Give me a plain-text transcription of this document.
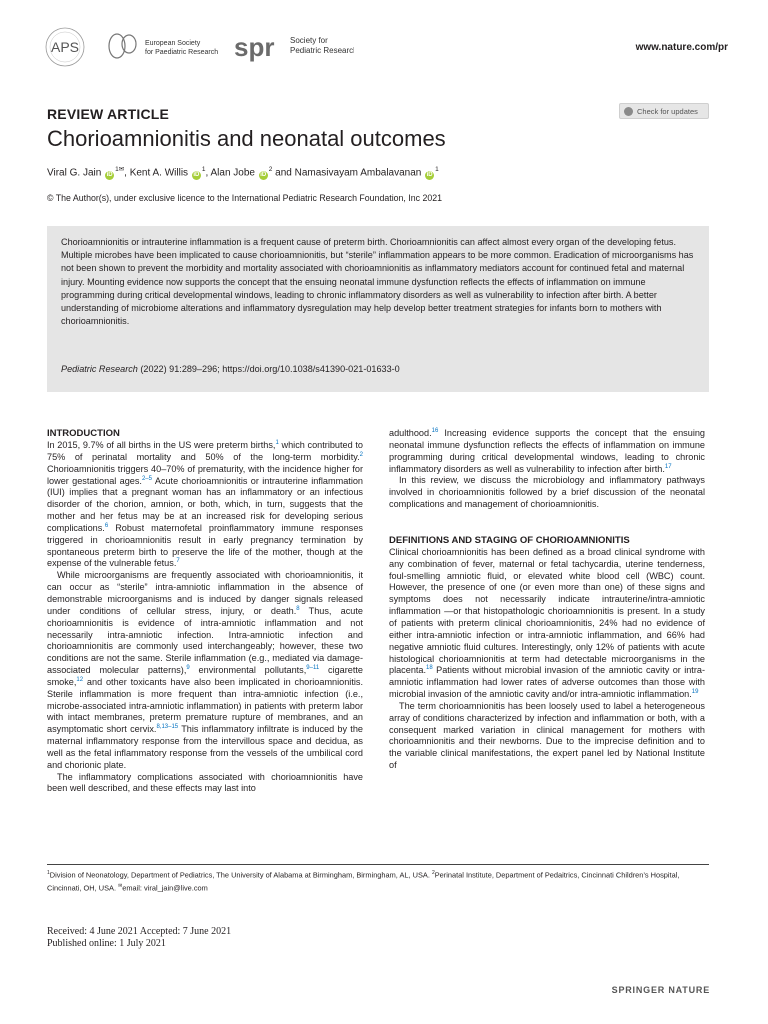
APS	European Society
for Paediatric Research spr Society for
Pediatric Research	www.nature.com/pr
REVIEW ARTICLE	Check for updates
Chorioamnionitis and neonatal outcomes
Viral G. Jain $iD^{1✉}$, Kent A. Willis $iD^1$, Alan Jobe $iD^2$ and Namasivayam Ambalavanan $iD^1$
© The Author(s), under exclusive licence to the International Pediatric Research Foundation, Inc 2021

Chorioamnionitis or intrauterine inflammation is a frequent cause of preterm birth. Chorioamnionitis can affect almost every organ of the developing fetus. Multiple microbes have been implicated to cause chorioamnionitis, but “sterile” inflammation appears to be more common. Eradication of microorganisms has not been shown to prevent the morbidity and mortality associated with chorioamnionitis as inflammatory mediators account for continued fetal and maternal injury. Mounting evidence now supports the concept that the ensuing neonatal immune dysfunction reflects the effects of inflammation on immune programming during critical developmental windows, leading to chronic inflammatory disorders as well as vulnerability to infection after birth. A better understanding of microbiome alterations and inflammatory dysregulation may help develop better treatment strategies for infants born to mothers with chorioamnionitis.

Pediatric Research (2022) 91:289–296; https://doi.org/10.1038/s41390-021-01633-0
INTRODUCTION

In 2015, 9.7% of all births in the US were preterm births,$^1$ which contributed to 75% of perinatal mortality and 50% of the long-term morbidity.$^2$ Chorioamnionitis triggers 40–70% of prematurity, with the incidence higher for lower gestational ages.$^{2-5}$ Acute chorioamnionitis or intrauterine inflammation (IUI) implies that a pregnant woman has an inflammatory or an infectious disorder of the chorion, amnion, or both, which, in turn, suggests that the mother and her fetus may be at an increased risk for developing serious complications.$^6$ Robust maternofetal proinflammatory immune responses triggered in chorioamnionitis result in early pregnancy termination by spontaneous preterm birth to preserve the life of the mother, though at the expense of the vulnerable fetus.$^7$

While microorganisms are frequently associated with chorioamnionitis, it can occur as “sterile” intra-amniotic inflammation in the absence of demonstrable microorganisms and is induced by danger signals released under conditions of cellular stress, injury, or death.$^8$ Thus, acute chorioamnionitis is evidence of intra-amniotic inflammation and not necessarily intra-amniotic infection. Intra-amniotic infection and chorioamnionitis are commonly used interchangeably; however, these two conditions are not the same. Sterile inflammation (e.g., mediated via damage-associated molecular patterns),$^9$ environmental pollutants,$^{9-11}$ cigarette smoke,$^{12}$ and other toxicants have also been implicated in chorioamnionitis. Sterile inflammation is more frequent than intra-amniotic infection (i.e., microbe-associated intra-amniotic inflammation) in patients with preterm labor with intact membranes, preterm premature rupture of membranes, and an asymptomatic short cervix.$^{8,13-15}$ This inflammatory infiltrate is induced by the maternal inflammatory response from the intervillous space and decidua, as well as the fetal inflammatory response from the vessels of the umbilical cord and chorionic plate.

The inflammatory complications associated with chorioamnionitis have been well described, and these effects may last into

adulthood.$^{16}$ Increasing evidence supports the concept that the ensuing neonatal immune dysfunction reflects the effects of inflammation on immune programming during critical developmental windows, leading to chronic inflammatory disorders as well as vulnerability to infection after birth.$^{17}$

In this review, we discuss the microbiology and inflammatory pathways involved in chorioamnionitis followed by a brief discussion of the neonatal complications and management of chorioamnionitis.

DEFINITIONS AND STAGING OF CHORIOAMNIONITIS

Clinical chorioamnionitis has been defined as a broad clinical syndrome with any combination of fever, maternal or fetal tachycardia, uterine tenderness, foul-smelling amniotic fluid, or elevated white blood cell (WBC) count. However, the presence of one (or even more than one) of these signs and symptoms does not necessarily indicate intrauterine/intra-amniotic inflammation —or that histopathologic chorioamnionitis is present. In a study of patients with preterm clinical chorioamnionitis, 24% had no evidence of either intra-amniotic infection or intra-amniotic inflammation, and 66% had negative amniotic fluid cultures. Interestingly, only 12% of patients with acute histological chorioamnionitis at term had detectable microorganisms in the placenta.$^{18}$ Patients without microbial invasion of the amniotic cavity or intra-amniotic inflammation had lower rates of adverse outcomes than those with microbial invasion of the amniotic cavity and/or intra-amniotic inflammation.$^{19}$

The term chorioamnionitis has been loosely used to label a heterogeneous array of conditions characterized by infection and inflammation or both, with a consequent marked variation in clinical management for mothers with chorioamnionitis and their newborns. Due to the imprecise definition and to the variable clinical manifestations, the expert panel led by National Institute of

$^1$Division of Neonatology, Department of Pediatrics, The University of Alabama at Birmingham, Birmingham, AL, USA. $^2$Perinatal Institute, Department of Pedaitrics, Cincinnati Children’s Hospital, Cincinnati, OH, USA. ✉email: viral_jain@live.com
Received: 4 June 2021 Accepted: 7 June 2021
Published online: 1 July 2021
SPRINGER NATURE
